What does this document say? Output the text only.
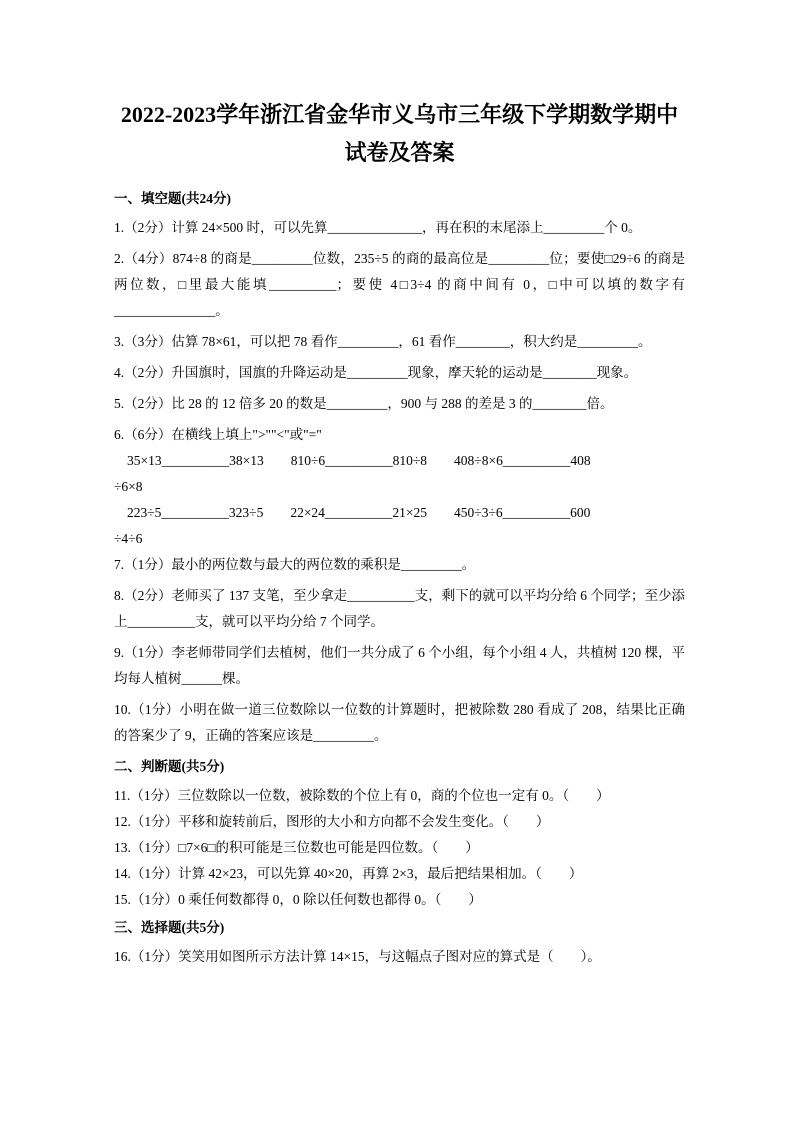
2022-2023学年浙江省金华市义乌市三年级下学期数学期中
试卷及答案
一、填空题(共24分)

1.（2分）计算 24×500 时，可以先算______________，再在积的末尾添上_________个 0。

2.（4分）874÷8 的商是_________位数，235÷5 的商的最高位是_________位；要使□29÷6 的商是两位数，□里最大能填__________；要使 4□3÷4 的商中间有 0，□中可以填的数字有_______________。

3.（3分）估算 78×61，可以把 78 看作_________，61 看作________，积大约是_________。

4.（2分）升国旗时，国旗的升降运动是_________现象，摩天轮的运动是________现象。

5.（2分）比 28 的 12 倍多 20 的数是_________，900 与 288 的差是 3 的________倍。

6.（6分）在横线上填上">""<"或"="

35×13__________38×13        810÷6__________810÷8        408÷8×6__________408

÷6×8

223÷5__________323÷5        22×24__________21×25        450÷3÷6__________600

÷4÷6

7.（1分）最小的两位数与最大的两位数的乘积是_________。

8.（2分）老师买了 137 支笔，至少拿走__________支，剩下的就可以平均分给 6 个同学；至少添上__________支，就可以平均分给 7 个同学。

9.（1分）李老师带同学们去植树，他们一共分成了 6 个小组，每个小组 4 人，共植树 120 棵，平均每人植树______棵。

10.（1分）小明在做一道三位数除以一位数的计算题时，把被除数 280 看成了 208，结果比正确的答案少了 9，正确的答案应该是_________。

二、判断题(共5分)

11.（1分）三位数除以一位数，被除数的个位上有 0，商的个位也一定有 0。（　　）

12.（1分）平移和旋转前后，图形的大小和方向都不会发生变化。（　　）

13.（1分）□7×6□的积可能是三位数也可能是四位数。（　　）

14.（1分）计算 42×23，可以先算 40×20，再算 2×3，最后把结果相加。（　　）

15.（1分）0 乘任何数都得 0，0 除以任何数也都得 0。（　　）

三、选择题(共5分)

16.（1分）笑笑用如图所示方法计算 14×15，与这幅点子图对应的算式是（　　）。
